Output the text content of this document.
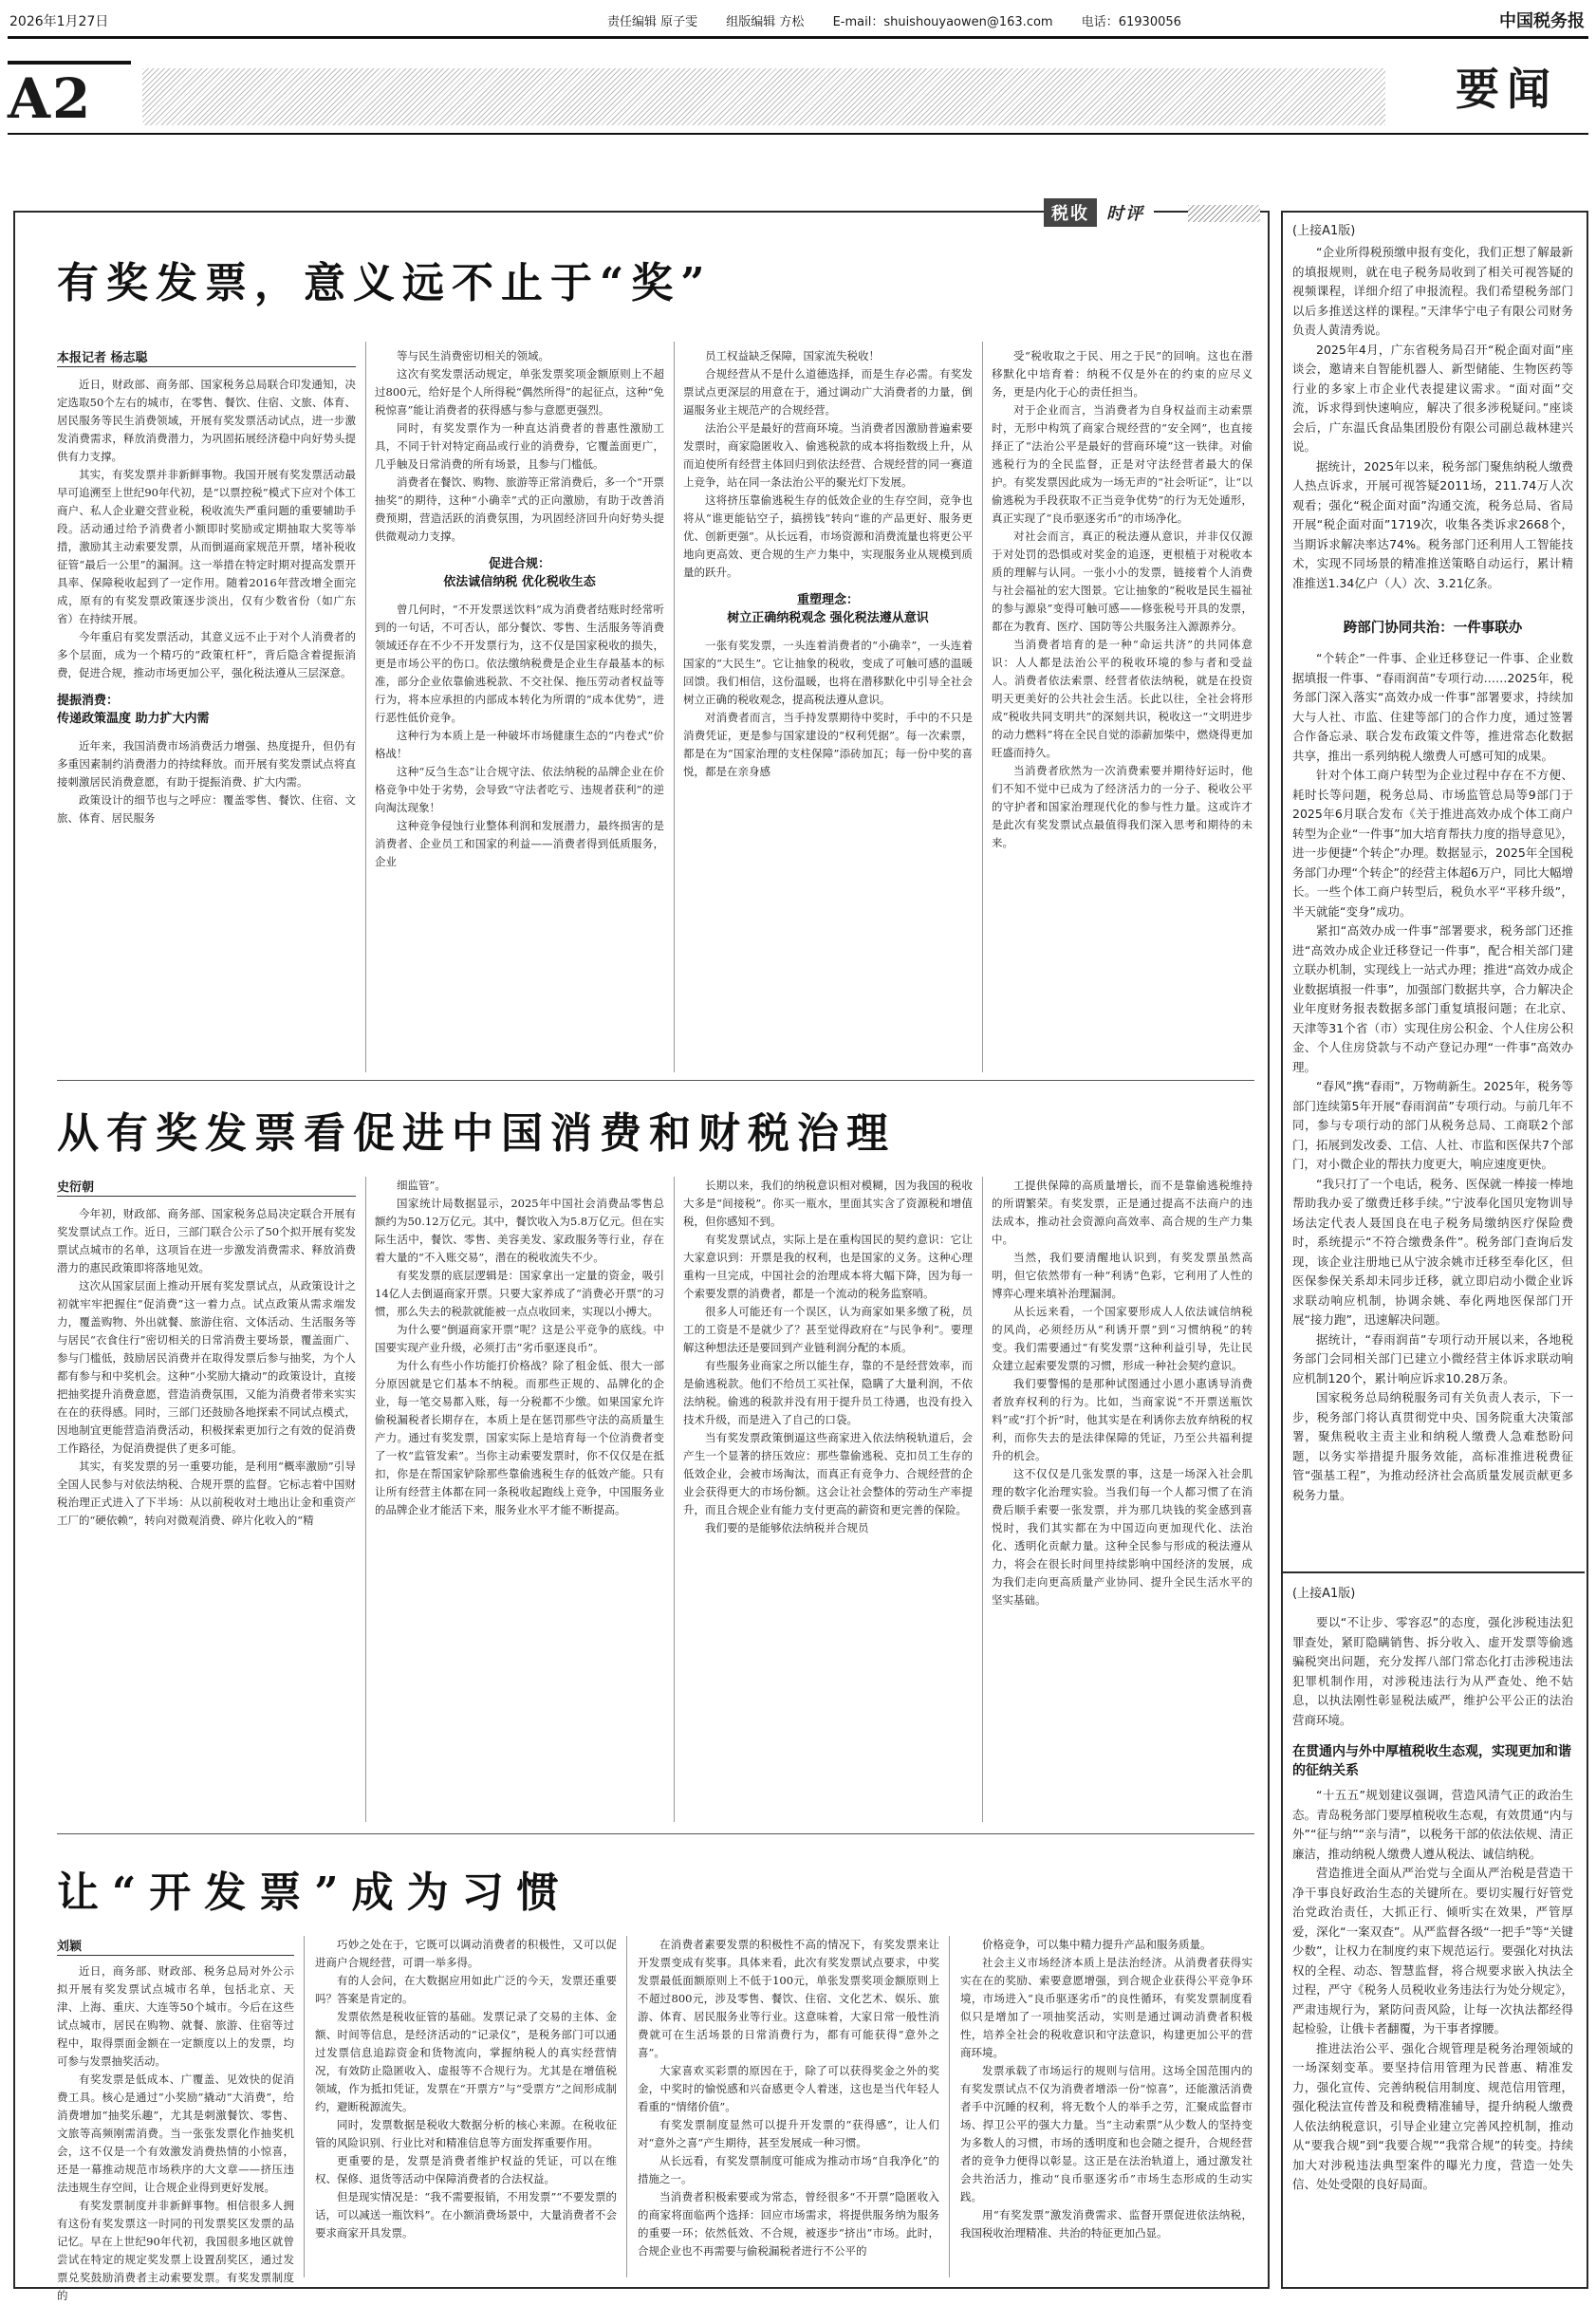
2026年1月27日	责任编辑 原子雯 组版编辑 方松 E-mail：shuishouyaowen@163.com 电话：61930056	中国税务报
A2	要闻
税收	时评
有奖发票，意义远不止于“奖”
本报记者 杨志聪

近日，财政部、商务部、国家税务总局联合印发通知，决定选取50个左右的城市，在零售、餐饮、住宿、文旅、体育、居民服务等民生消费领域，开展有奖发票活动试点，进一步激发消费需求，释放消费潜力，为巩固拓展经济稳中向好势头提供有力支撑。

其实，有奖发票并非新鲜事物。我国开展有奖发票活动最早可追溯至上世纪90年代初，是“以票控税”模式下应对个体工商户、私人企业避交营业税，税收流失严重问题的重要辅助手段。活动通过给予消费者小额即时奖励或定期抽取大奖等举措，激励其主动索要发票，从而倒逼商家规范开票，堵补税收征管“最后一公里”的漏洞。这一举措在特定时期对提高发票开具率、保障税收起到了一定作用。随着2016年营改增全面完成，原有的有奖发票政策逐步淡出，仅有少数省份（如广东省）在持续开展。

今年重启有奖发票活动，其意义远不止于对个人消费者的多个层面，成为一个精巧的“政策杠杆”，背后隐含着提振消费，促进合规，推动市场更加公平，强化税法遵从三层深意。

提振消费：
传递政策温度 助力扩大内需

近年来，我国消费市场消费活力增强、热度提升，但仍有多重因素制约消费潜力的持续释放。而开展有奖发票试点将直接刺激居民消费意愿，有助于提振消费、扩大内需。

政策设计的细节也与之呼应：覆盖零售、餐饮、住宿、文旅、体育、居民服务

等与民生消费密切相关的领域。

这次有奖发票活动规定，单张发票奖项金额原则上不超过800元，给好是个人所得税“偶然所得”的起征点，这种“免税惊喜”能让消费者的获得感与参与意愿更强烈。

同时，有奖发票作为一种直达消费者的普惠性激励工具，不同于针对特定商品或行业的消费券，它覆盖面更广，几乎触及日常消费的所有场景，且参与门槛低。

消费者在餐饮、购物、旅游等正常消费后，多一个“开票抽奖”的期待，这种“小确幸”式的正向激励，有助于改善消费预期，营造活跃的消费氛围，为巩固经济回升向好势头提供微观动力支撑。

促进合规：
依法诚信纳税 优化税收生态

曾几何时，“不开发票送饮料”成为消费者结账时经常听到的一句话，不可否认，部分餐饮、零售、生活服务等消费领域还存在不少不开发票行为，这不仅是国家税收的损失，更是市场公平的伤口。依法缴纳税费是企业生存最基本的标准，部分企业依靠偷逃税款、不交社保、拖压劳动者权益等行为，将本应承担的内部成本转化为所谓的“成本优势”，进行恶性低价竞争。

这种行为本质上是一种破坏市场健康生态的“内卷式”价格战！

这种“反刍生态”让合规守法、依法纳税的品牌企业在价格竞争中处于劣势，会导致“守法者吃亏、违规者获利”的逆向淘汰现象！

这种竞争侵蚀行业整体利润和发展潜力，最终损害的是消费者、企业员工和国家的利益——消费者得到低质服务，企业

员工权益缺乏保障，国家流失税收！

合规经营从不是什么道德选择，而是生存必需。有奖发票试点更深层的用意在于，通过调动广大消费者的力量，倒逼服务业主规范产的合规经营。

法治公平是最好的营商环境。当消费者因激励普遍索要发票时，商家隐匿收入、偷逃税款的成本将指数级上升，从而迫使所有经营主体回归到依法经营、合规经营的同一赛道上竞争，站在同一条法治公平的聚光灯下发展。

这将挤压靠偷逃税生存的低效企业的生存空间，竞争也将从“谁更能钻空子，搞捞钱”转向“谁的产品更好、服务更优、创新更强”。从长远看，市场资源和消费流量也将更公平地向更高效、更合规的生产力集中，实现服务业从规模到质量的跃升。

重塑理念：
树立正确纳税观念 强化税法遵从意识

一张有奖发票，一头连着消费者的“小确幸”，一头连着国家的“大民生”。它让抽象的税收，变成了可触可感的温暖回馈。我们相信，这份温暖，也将在潜移默化中引导全社会树立正确的税收观念，提高税法遵从意识。

对消费者而言，当手持发票期待中奖时，手中的不只是消费凭证，更是参与国家建设的“权利凭据”。每一次索票，都是在为“国家治理的支柱保障”添砖加瓦；每一份中奖的喜悦，都是在亲身感

受“税收取之于民、用之于民”的回响。这也在潜移默化中培育着：纳税不仅是外在的约束的应尽义务，更是内化于心的责任担当。

对于企业而言，当消费者为自身权益而主动索票时，无形中构筑了商家合规经营的“安全网”，也直接择正了“法治公平是最好的营商环境”这一铁律。对偷逃税行为的全民监督，正是对守法经营者最大的保护。有奖发票因此成为一场无声的“社会听证”，让“以偷逃税为手段获取不正当竞争优势”的行为无处遁形，真正实现了“良币驱逐劣币”的市场净化。

对社会而言，真正的税法遵从意识，并非仅仅源于对处罚的恐惧或对奖金的追逐，更根植于对税收本质的理解与认同。一张小小的发票，链接着个人消费与社会福祉的宏大图景。它让抽象的“税收是民生福祉的参与源泉”变得可触可感——修张税号开具的发票，都在为教育、医疗、国防等公共服务注入源源养分。

当消费者培育的是一种“命运共济”的共同体意识：人人都是法治公平的税收环境的参与者和受益人。消费者依法索票、经营者依法纳税，就是在投资明天更美好的公共社会生活。长此以往，全社会将形成“税收共同支明共”的深刻共识，税收这一“文明进步的动力燃料”将在全民自觉的添薪加柴中，燃烧得更加旺盛而持久。

当消费者欣然为一次消费索要并期待好运时，他们不知不觉中已成为了经济活力的一分子、税收公平的守护者和国家治理现代化的参与性力量。这或许才是此次有奖发票试点最值得我们深入思考和期待的未来。

从有奖发票看促进中国消费和财税治理
史衍朝

今年初，财政部、商务部、国家税务总局决定联合开展有奖发票试点工作。近日，三部门联合公示了50个拟开展有奖发票试点城市的名单，这项旨在进一步激发消费需求、释放消费潜力的惠民政策即将落地见效。

这次从国家层面上推动开展有奖发票试点，从政策设计之初就牢牢把握住“促消费”这一着力点。试点政策从需求端发力，覆盖购物、外出就餐、旅游住宿、文体活动、生活服务等与居民“衣食住行”密切相关的日常消费主要场景，覆盖面广、参与门槛低，鼓励居民消费并在取得发票后参与抽奖，为个人都有参与和中奖机会。这种“小奖励大撬动”的政策设计，直接把抽奖提升消费意愿，营造消费氛围，又能为消费者带来实实在在的获得感。同时，三部门还鼓励各地探索不同试点模式，因地制宜更能营造消费活动，积极探索更加行之有效的促消费工作路径，为促消费提供了更多可能。

其实，有奖发票的另一重要功能，是利用“概率激励”引导全国人民参与对依法纳税、合规开票的监督。它标志着中国财税治理正式进入了下半场：从以前税收对土地出让金和重资产工厂的“硬依赖”，转向对微观消费、碎片化收入的“精

细监管”。

国家统计局数据显示，2025年中国社会消费品零售总额约为50.12万亿元。其中，餐饮收入为5.8万亿元。但在实际生活中，餐饮、零售、美容美发、家政服务等行业，存在着大量的“不入账交易”，潜在的税收流失不少。

有奖发票的底层逻辑是：国家拿出一定量的资金，吸引14亿人去倒逼商家开票。只要大家养成了“消费必开票”的习惯，那么失去的税款就能被一点点收回来，实现以小搏大。

为什么要“倒逼商家开票”呢？这是公平竞争的底线。中国要实现产业升级，必须打击“劣币驱逐良币”。

为什么有些小作坊能打价格战？除了租金低、很大一部分原因就是它们基本不纳税。而那些正规的、品牌化的企业，每一笔交易都入账，每一分税都不少缴。如果国家允许偷税漏税者长期存在，本质上是在惩罚那些守法的高质量生产力。通过有奖发票，国家实际上是培育每一个位消费者变了一枚“监管发索”。当你主动索要发票时，你不仅仅是在抵扣，你是在帮国家铲除那些靠偷逃税生存的低效产能。只有让所有经营主体都在同一条税收起跑线上竞争，中国服务业的品牌企业才能活下来，服务业水平才能不断提高。

长期以来，我们的纳税意识相对模糊，因为我国的税收大多是“间接税”。你买一瓶水，里面其实含了资源税和增值税，但你感知不到。

有奖发票试点，实际上是在重构国民的契约意识：它让大家意识到：开票是我的权利，也是国家的义务。这种心理重构一旦完成，中国社会的治理成本将大幅下降，因为每一个索要发票的消费者，都是一个流动的税务监察哨。

很多人可能还有一个误区，认为商家如果多缴了税，员工的工资是不是就少了？甚至觉得政府在“与民争利”。要理解这种想法还是要回到产业链利润分配的本质。

有些服务业商家之所以能生存，靠的不是经营效率，而是偷逃税款。他们不给员工买社保，隐瞒了大量利润，不依法纳税。偷逃的税款并没有用于提升员工待遇，也没有投入技术升级，而是进入了自己的口袋。

当有奖发票政策倒逼这些商家进入依法纳税轨道后，会产生一个显著的挤压效应：那些靠偷逃税、克扣员工生存的低效企业，会被市场淘汰，而真正有竞争力、合规经营的企业会获得更大的市场份额。这会让社会整体的劳动生产率提升，而且合规企业有能力支付更高的薪资和更完善的保险。

我们要的是能够依法纳税并合规员

工提供保障的高质量增长，而不是靠偷逃税维持的所谓繁荣。有奖发票，正是通过提高不法商户的违法成本，推动社会资源向高效率、高合规的生产力集中。

当然，我们要清醒地认识到，有奖发票虽然高明，但它依然带有一种“利诱”色彩，它利用了人性的博弈心理来填补治理漏洞。

从长远来看，一个国家要形成人人依法诚信纳税的风尚，必须经历从“利诱开票”到“习惯纳税”的转变。我们需要通过“有奖发票”这种利益引导，先让民众建立起索要发票的习惯，形成一种社会契约意识。

我们要警惕的是那种试图通过小恩小惠诱导消费者放弃权利的行为。比如，当商家说“不开票送瓶饮料”或“打个折”时，他其实是在利诱你去放弃纳税的权利，而你失去的是法律保障的凭证，乃至公共福利提升的机会。

这不仅仅是几张发票的事，这是一场深入社会肌理的数字化治理实验。当我们每一个人都习惯了在消费后顺手索要一张发票，并为那几块钱的奖金感到喜悦时，我们其实都在为中国迈向更加现代化、法治化、透明化贡献力量。这种全民参与形成的税法遵从力，将会在很长时间里持续影响中国经济的发展，成为我们走向更高质量产业协同、提升全民生活水平的坚实基础。

让“开发票”成为习惯
刘颖

近日，商务部、财政部、税务总局对外公示拟开展有奖发票试点城市名单，包括北京、天津、上海、重庆、大连等50个城市。今后在这些试点城市，居民在购物、就餐、旅游、住宿等过程中，取得票面金额在一定额度以上的发票，均可参与发票抽奖活动。

有奖发票是低成本、广覆盖、见效快的促消费工具。核心是通过“小奖励”撬动“大消费”，给消费增加“抽奖乐趣”，尤其是刺激餐饮、零售、文旅等高频刚需消费。当一张张发票化作抽奖机会，这不仅是一个有效激发消费热情的小惊喜，还是一幕推动规范市场秩序的大文章——挤压违法违规生存空间，让合规企业得到更好发展。

有奖发票制度并非新鲜事物。相信很多人拥有这份有奖发票这一时同的刊发票奖区发票的品记忆。早在上世纪90年代初，我国很多地区就曾尝试在特定的规定奖发票上设置刮奖区，通过发票兑奖鼓励消费者主动索要发票。有奖发票制度的

巧妙之处在于，它既可以调动消费者的积极性，又可以促进商户合规经营，可谓一举多得。

有的人会问，在大数据应用如此广泛的今天，发票还重要吗？答案是肯定的。

发票依然是税收征管的基础。发票记录了交易的主体、金额、时间等信息，是经济活动的“记录仪”，是税务部门可以通过发票信息追踪资金和货物流向，掌握纳税人的真实经营情况，有效防止隐匿收入、虚报等不合规行为。尤其是在增值税领域，作为抵扣凭证，发票在“开票方”与“受票方”之间形成制约，避断税源流失。

同时，发票数据是税收大数据分析的核心来源。在税收征管的风险识别、行业比对和精准信息等方面发挥重要作用。

更重要的是，发票是消费者维护权益的凭证，可以在维权、保修、退货等活动中保障消费者的合法权益。

但是现实情况是：“我不需要报销，不用发票”“不要发票的话，可以减送一瓶饮料”。在小额消费场景中，大量消费者不会要求商家开具发票。

在消费者素要发票的积极性不高的情况下，有奖发票来让开发票变成有奖事。具体来看，此次有奖发票试点要求，中奖发票最低面额原则上不低于100元，单张发票奖项金额原则上不超过800元，涉及零售、餐饮、住宿、文化艺术、娱乐、旅游、体育、居民服务业等行业。这意味着，大家日常一般性消费就可在生活场景的日常消费行为，都有可能获得“意外之喜”。

大家喜欢买彩票的原因在于，除了可以获得奖金之外的奖金，中奖时的愉悦感和兴奋感更令人着迷，这也是当代年轻人看重的“情绪价值”。

有奖发票制度显然可以提升开发票的“获得感”，让人们对“意外之喜”产生期待，甚至发展成一种习惯。

从长远看，有奖发票制度可能成为推动市场“自我净化”的措施之一。

当消费者积极索要或为常态，曾经很多“不开票”隐匿收入的商家将面临两个选择：回应市场需求，将提供服务纳为服务的重要一环；依然低效、不合规，被逐步“挤出”市场。此时，合规企业也不再需要与偷税漏税者进行不公平的

价格竞争，可以集中精力提升产品和服务质量。

社会主义市场经济本质上是法治经济。从消费者获得实实在在的奖励、索要意愿增强，到合规企业获得公平竞争环境，市场进入“良币驱逐劣币”的良性循环，有奖发票制度看似只是增加了一项抽奖活动，实则是通过调动消费者积极性，培养全社会的税收意识和守法意识，构建更加公平的营商环境。

发票承载了市场运行的规则与信用。这场全国范围内的有奖发票试点不仅为消费者增添一份“惊喜”，还能激活消费者手中沉睡的权利，将无数个人的举手之劳，汇聚成监督市场、捍卫公平的强大力量。当“主动索票”从少数人的坚持变为多数人的习惯，市场的透明度和也会随之提升，合规经营者的竞争力便得以彰显。这正是在法治轨道上，通过激发社会共治活力，推动“良币驱逐劣币”市场生态形成的生动实践。

用“有奖发票”激发消费需求、监督开票促进依法纳税，我国税收治理精准、共治的特征更加凸显。

(上接A1版)

“企业所得税预缴申报有变化，我们正想了解最新的填报规则，就在电子税务局收到了相关可视答疑的视频课程，详细介绍了申报流程。我们希望税务部门以后多推送这样的课程。”天津华宁电子有限公司财务负责人黄清秀说。

2025年4月，广东省税务局召开“税企面对面”座谈会，邀请来自智能机器人、新型储能、生物医药等行业的多家上市企业代表提建议需求。“面对面”交流，诉求得到快速响应，解决了很多涉税疑问。”座谈会后，广东温氏食品集团股份有限公司副总裁林建兴说。

据统计，2025年以来，税务部门聚焦纳税人缴费人热点诉求，开展可视答疑2011场，211.74万人次观看；强化“税企面对面”沟通交流，税务总局、省局开展“税企面对面”1719次，收集各类诉求2668个，当期诉求解决率达74%。税务部门还利用人工智能技术，实现不同场景的精准推送策略自动运行，累计精准推送1.34亿户（人）次、3.21亿条。

跨部门协同共治：一件事联办

“个转企”一件事、企业迁移登记一件事、企业数据填报一件事、“春雨润苗”专项行动……2025年，税务部门深入落实“高效办成一件事”部署要求，持续加大与人社、市监、住建等部门的合作力度，通过签署合作备忘录、联合发布政策文件等，推进常态化数据共享，推出一系列纳税人缴费人可感可知的成果。

针对个体工商户转型为企业过程中存在不方便、耗时长等问题，税务总局、市场监管总局等9部门于2025年6月联合发布《关于推进高效办成个体工商户转型为企业“一件事”加大培育帮扶力度的指导意见》，进一步便捷“个转企”办理。数据显示，2025年全国税务部门办理“个转企”的经营主体超6万户，同比大幅增长。一些个体工商户转型后，税负水平“平移升级”，半天就能“变身”成功。

紧扣“高效办成一件事”部署要求，税务部门还推进“高效办成企业迁移登记一件事”，配合相关部门建立联办机制，实现线上一站式办理；推进“高效办成企业数据填报一件事”，加强部门数据共享，合力解决企业年度财务报表数据多部门重复填报问题；在北京、天津等31个省（市）实现住房公积金、个人住房公积金、个人住房贷款与不动产登记办理“一件事”高效办理。

“春风”携“春雨”，万物萌新生。2025年，税务等部门连续第5年开展“春雨润苗”专项行动。与前几年不同，参与专项行动的部门从税务总局、工商联2个部门，拓展到发改委、工信、人社、市监和医保共7个部门，对小微企业的帮扶力度更大，响应速度更快。

“我只打了一个电话，税务、医保就一棒接一棒地帮助我办妥了缴费迁移手续。”宁波奉化国贝宠物训导场法定代表人聂国良在电子税务局缴纳医疗保险费时，系统提示“不符合缴费条件”。税务部门查询后发现，该企业注册地已从宁波余姚市迁移至奉化区，但医保参保关系却未同步迁移，就立即启动小微企业诉求联动响应机制，协调余姚、奉化两地医保部门开展“接力跑”，迅速解决问题。

据统计，“春雨润苗”专项行动开展以来，各地税务部门会同相关部门已建立小微经营主体诉求联动响应机制120个，累计响应诉求10.28万条。

国家税务总局纳税服务司有关负责人表示，下一步，税务部门将认真贯彻党中央、国务院重大决策部署，聚焦税收主责主业和纳税人缴费人急难愁盼问题，以务实举措提升服务效能，高标准推进税费征管“强基工程”，为推动经济社会高质量发展贡献更多税务力量。

(上接A1版)

要以“不让步、零容忍”的态度，强化涉税违法犯罪查处，紧盯隐瞒销售、拆分收入、虚开发票等偷逃骗税突出问题，充分发挥八部门常态化打击涉税违法犯罪机制作用，对涉税违法行为从严查处、绝不姑息，以执法刚性彰显税法威严，维护公平公正的法治营商环境。

在贯通内与外中厚植税收生态观，实现更加和谐的征纳关系

“十五五”规划建议强调，营造风清气正的政治生态。青岛税务部门要厚植税收生态观，有效贯通“内与外”“征与纳”“亲与清”，以税务干部的依法依规、清正廉洁，推动纳税人缴费人遵从税法、诚信纳税。

营造推进全面从严治党与全面从严治税是营造干净干事良好政治生态的关键所在。要切实履行好管党治党政治责任，大抓正行、倾听实在效果，严管厚爱，深化“一案双查”。从严监督各级“一把手”等“关键少数”，让权力在制度约束下规范运行。要强化对执法权的全程、动态、智慧监督，将合规要求嵌入执法全过程，严守《税务人员税收业务违法行为处分规定》，严肃违规行为，紧防问责风险，让每一次执法都经得起检验，让俄卡者翻覆，为干事者撑腰。

推进法治公平、强化合规管理是税务治理领域的一场深刻变革。要坚持信用管理为民普惠、精准发力，强化宣传、完善纳税信用制度、规范信用管理，强化税法宣传普及和税费精准辅导，提升纳税人缴费人依法纳税意识，引导企业建立完善风控机制，推动从“要我合规”到“我要合规”“我常合规”的转变。持续加大对涉税违法典型案件的曝光力度，营造一处失信、处处受限的良好局面。
